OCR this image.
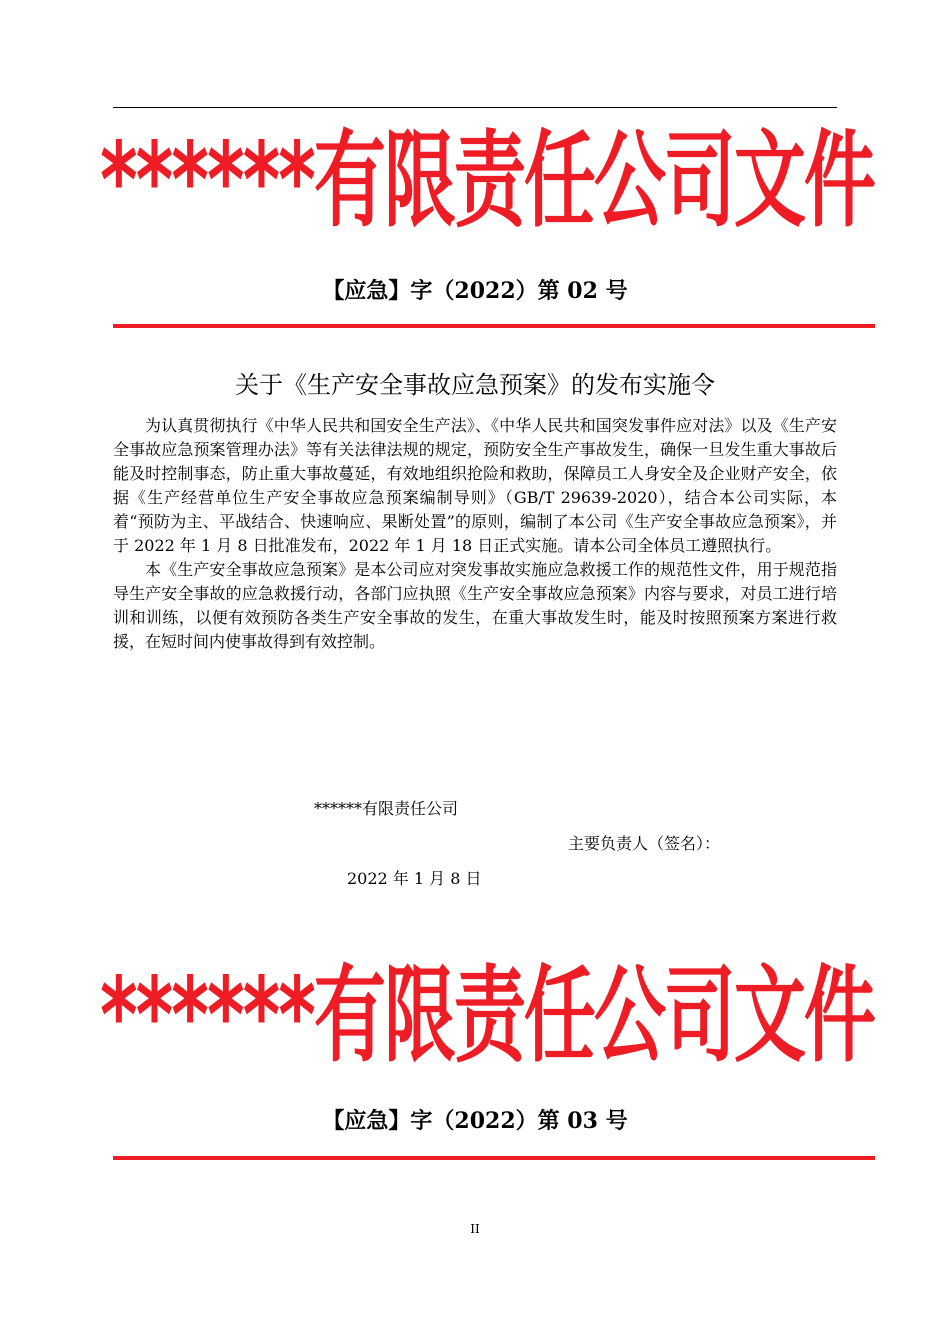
******有限责任公司文件
【应急】字（2022）第 02 号
关于《生产安全事故应急预案》的发布实施令

为认真贯彻执行《中华人民共和国安全生产法》、《中华人民共和国突发事件应对法》以及《生产安全事故应急预案管理办法》等有关法律法规的规定，预防安全生产事故发生，确保一旦发生重大事故后能及时控制事态，防止重大事故蔓延，有效地组织抢险和救助，保障员工人身安全及企业财产安全，依据《生产经营单位生产安全事故应急预案编制导则》（GB/T 29639-2020），结合本公司实际，本着“预防为主、平战结合、快速响应、果断处置”的原则，编制了本公司《生产安全事故应急预案》，并于 2022 年 1 月 8 日批准发布，2022 年 1 月 18 日正式实施。请本公司全体员工遵照执行。

本《生产安全事故应急预案》是本公司应对突发事故实施应急救援工作的规范性文件，用于规范指导生产安全事故的应急救援行动，各部门应执照《生产安全事故应急预案》内容与要求，对员工进行培训和训练，以便有效预防各类生产安全事故的发生，在重大事故发生时，能及时按照预案方案进行救援，在短时间内使事故得到有效控制。

******有限责任公司
主要负责人（签名）：
2022 年 1 月 8 日
******有限责任公司文件
【应急】字（2022）第 03 号
II
